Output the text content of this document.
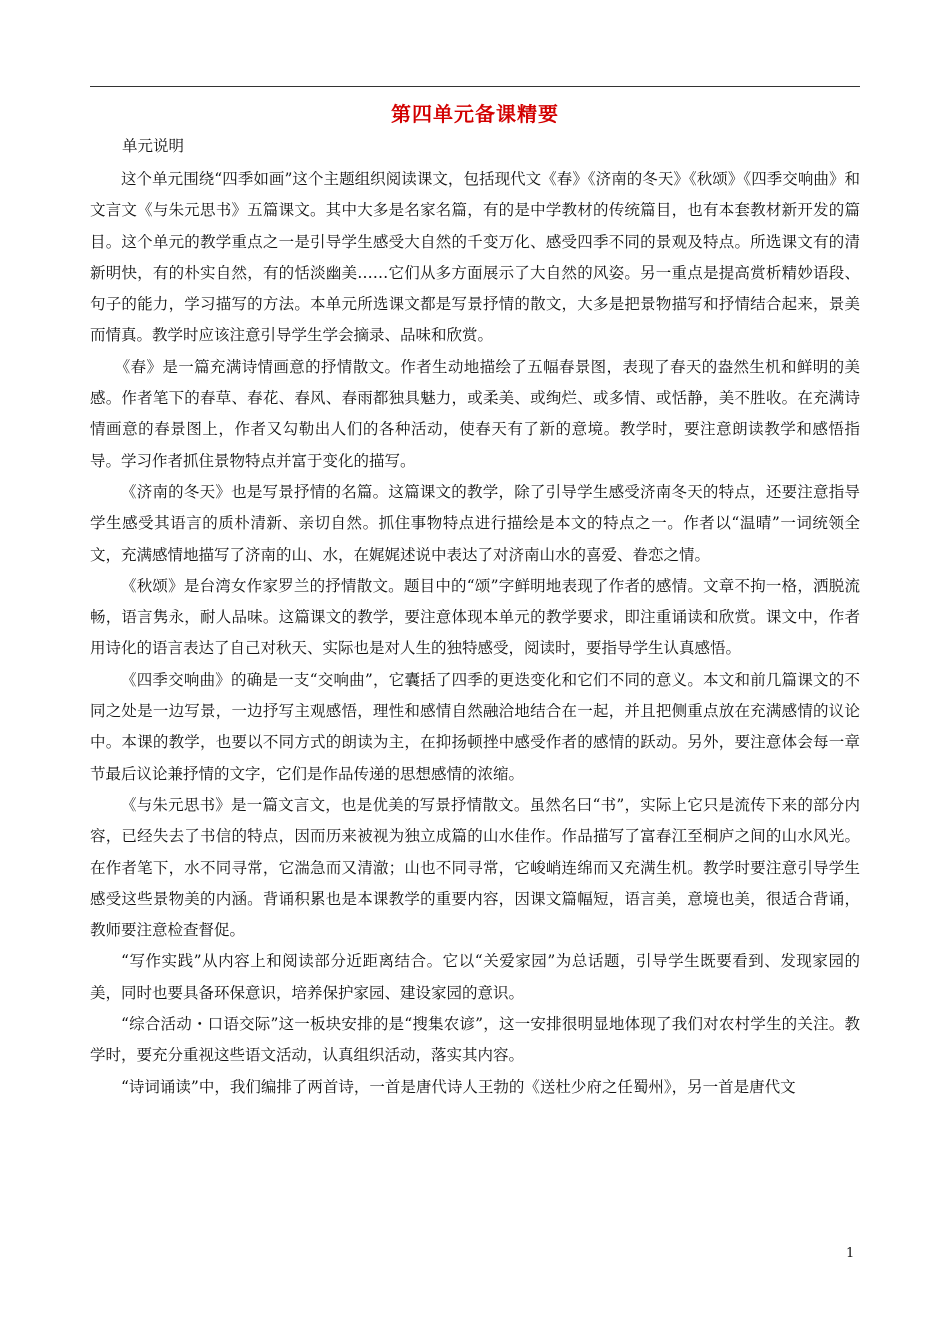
第四单元备课精要
单元说明

这个单元围绕“四季如画”这个主题组织阅读课文，包括现代文《春》《济南的冬天》《秋颂》《四季交响曲》和文言文《与朱元思书》五篇课文。其中大多是名家名篇，有的是中学教材的传统篇目，也有本套教材新开发的篇目。这个单元的教学重点之一是引导学生感受大自然的千变万化、感受四季不同的景观及特点。所选课文有的清新明快，有的朴实自然，有的恬淡幽美……它们从多方面展示了大自然的风姿。另一重点是提高赏析精妙语段、句子的能力，学习描写的方法。本单元所选课文都是写景抒情的散文，大多是把景物描写和抒情结合起来，景美而情真。教学时应该注意引导学生学会摘录、品味和欣赏。

《春》是一篇充满诗情画意的抒情散文。作者生动地描绘了五幅春景图，表现了春天的盎然生机和鲜明的美感。作者笔下的春草、春花、春风、春雨都独具魅力，或柔美、或绚烂、或多情、或恬静，美不胜收。在充满诗情画意的春景图上，作者又勾勒出人们的各种活动，使春天有了新的意境。教学时，要注意朗读教学和感悟指导。学习作者抓住景物特点并富于变化的描写。

《济南的冬天》也是写景抒情的名篇。这篇课文的教学，除了引导学生感受济南冬天的特点，还要注意指导学生感受其语言的质朴清新、亲切自然。抓住事物特点进行描绘是本文的特点之一。作者以“温晴”一词统领全文，充满感情地描写了济南的山、水，在娓娓述说中表达了对济南山水的喜爱、眷恋之情。

《秋颂》是台湾女作家罗兰的抒情散文。题目中的“颂”字鲜明地表现了作者的感情。文章不拘一格，洒脱流畅，语言隽永，耐人品味。这篇课文的教学，要注意体现本单元的教学要求，即注重诵读和欣赏。课文中，作者用诗化的语言表达了自己对秋天、实际也是对人生的独特感受，阅读时，要指导学生认真感悟。

《四季交响曲》的确是一支“交响曲”，它囊括了四季的更迭变化和它们不同的意义。本文和前几篇课文的不同之处是一边写景，一边抒写主观感悟，理性和感情自然融洽地结合在一起，并且把侧重点放在充满感情的议论中。本课的教学，也要以不同方式的朗读为主，在抑扬顿挫中感受作者的感情的跃动。另外，要注意体会每一章节最后议论兼抒情的文字，它们是作品传递的思想感情的浓缩。

《与朱元思书》是一篇文言文，也是优美的写景抒情散文。虽然名曰“书”，实际上它只是流传下来的部分内容，已经失去了书信的特点，因而历来被视为独立成篇的山水佳作。作品描写了富春江至桐庐之间的山水风光。在作者笔下，水不同寻常，它湍急而又清澈；山也不同寻常，它峻峭连绵而又充满生机。教学时要注意引导学生感受这些景物美的内涵。背诵积累也是本课教学的重要内容，因课文篇幅短，语言美，意境也美，很适合背诵，教师要注意检查督促。

“写作实践”从内容上和阅读部分近距离结合。它以“关爱家园”为总话题，引导学生既要看到、发现家园的美，同时也要具备环保意识，培养保护家园、建设家园的意识。

“综合活动・口语交际”这一板块安排的是“搜集农谚”，这一安排很明显地体现了我们对农村学生的关注。教学时，要充分重视这些语文活动，认真组织活动，落实其内容。

“诗词诵读”中，我们编排了两首诗，一首是唐代诗人王勃的《送杜少府之任蜀州》，另一首是唐代文

1
